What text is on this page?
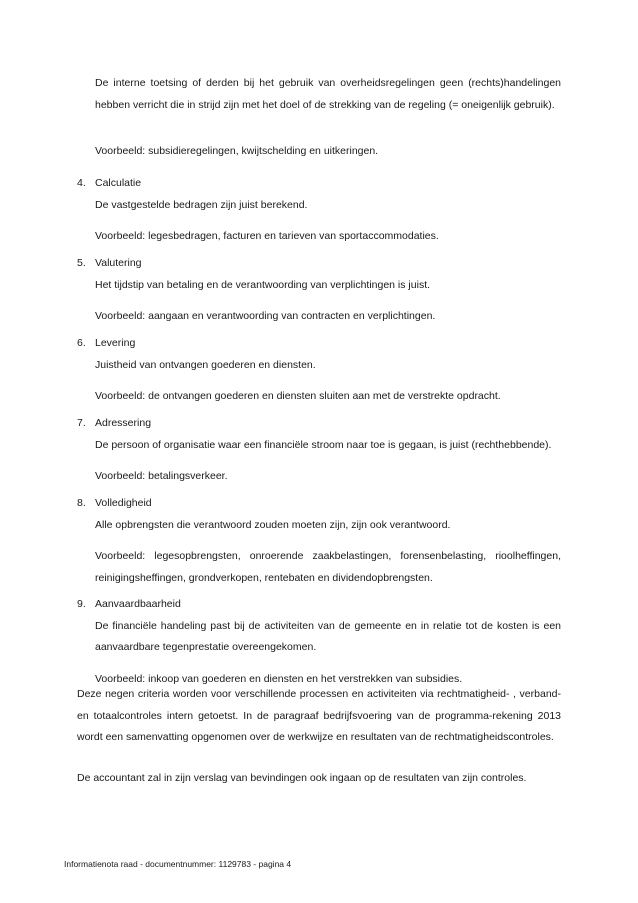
De interne toetsing of derden bij het gebruik van overheidsregelingen geen (rechts)handelingen hebben verricht die in strijd zijn met het doel of de strekking van de regeling (= oneigenlijk gebruik).

Voorbeeld: subsidieregelingen, kwijtschelding en uitkeringen.

4. Calculatie
De vastgestelde bedragen zijn juist berekend.
Voorbeeld: legesbedragen, facturen en tarieven van sportaccommodaties.
5. Valutering
Het tijdstip van betaling en de verantwoording van verplichtingen is juist.
Voorbeeld: aangaan en verantwoording van contracten en verplichtingen.
6. Levering
Juistheid van ontvangen goederen en diensten.
Voorbeeld: de ontvangen goederen en diensten sluiten aan met de verstrekte opdracht.
7. Adressering
De persoon of organisatie waar een financiële stroom naar toe is gegaan, is juist (rechthebbende).
Voorbeeld: betalingsverkeer.
8. Volledigheid
Alle opbrengsten die verantwoord zouden moeten zijn, zijn ook verantwoord.
Voorbeeld: legesopbrengsten, onroerende zaakbelastingen, forensenbelasting, rioolheffingen, reinigingsheffingen, grondverkopen, rentebaten en dividendopbrengsten.
9. Aanvaardbaarheid
De financiële handeling past bij de activiteiten van de gemeente en in relatie tot de kosten is een aanvaardbare tegenprestatie overeengekomen.
Voorbeeld: inkoop van goederen en diensten en het verstrekken van subsidies.

Deze negen criteria worden voor verschillende processen en activiteiten via rechtmatigheid- , verband- en totaalcontroles intern getoetst. In de paragraaf bedrijfsvoering van de programma-rekening 2013 wordt een samenvatting opgenomen over de werkwijze en resultaten van de rechtmatigheidscontroles.

De accountant zal in zijn verslag van bevindingen ook ingaan op de resultaten van zijn controles.

Informatienota raad - documentnummer: 1129783 - pagina 4
